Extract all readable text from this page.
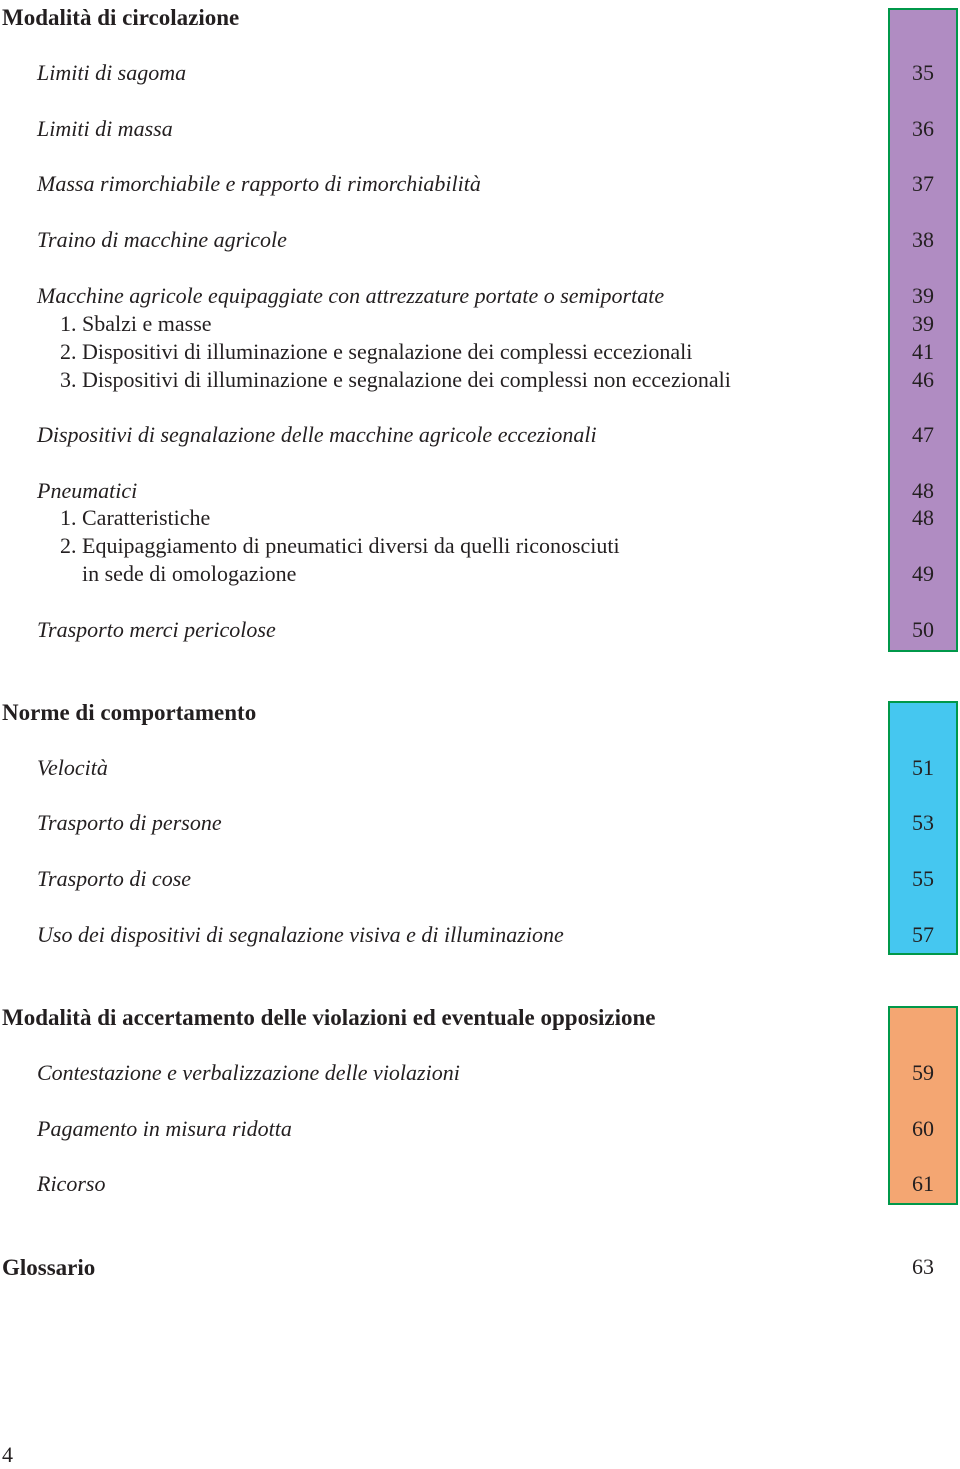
Modalità di circolazione
Limiti di sagoma	35
Limiti di massa	36
Massa rimorchiabile e rapporto di rimorchiabilità	37
Traino di macchine agricole	38
Macchine agricole equipaggiate con attrezzature portate o semiportate	39
1. Sbalzi e masse	39
2. Dispositivi di illuminazione e segnalazione dei complessi eccezionali	41
3. Dispositivi di illuminazione e segnalazione dei complessi non eccezionali	46
Dispositivi di segnalazione delle macchine agricole eccezionali	47
Pneumatici	48
1. Caratteristiche	48
2. Equipaggiamento di pneumatici diversi da quelli riconosciuti
in sede di omologazione	49
Trasporto merci pericolose	50
Norme di comportamento
Velocità	51
Trasporto di persone	53
Trasporto di cose	55
Uso dei dispositivi di segnalazione visiva e di illuminazione	57
Modalità di accertamento delle violazioni ed eventuale opposizione
Contestazione e verbalizzazione delle violazioni	59
Pagamento in misura ridotta	60
Ricorso	61
Glossario	63
4
